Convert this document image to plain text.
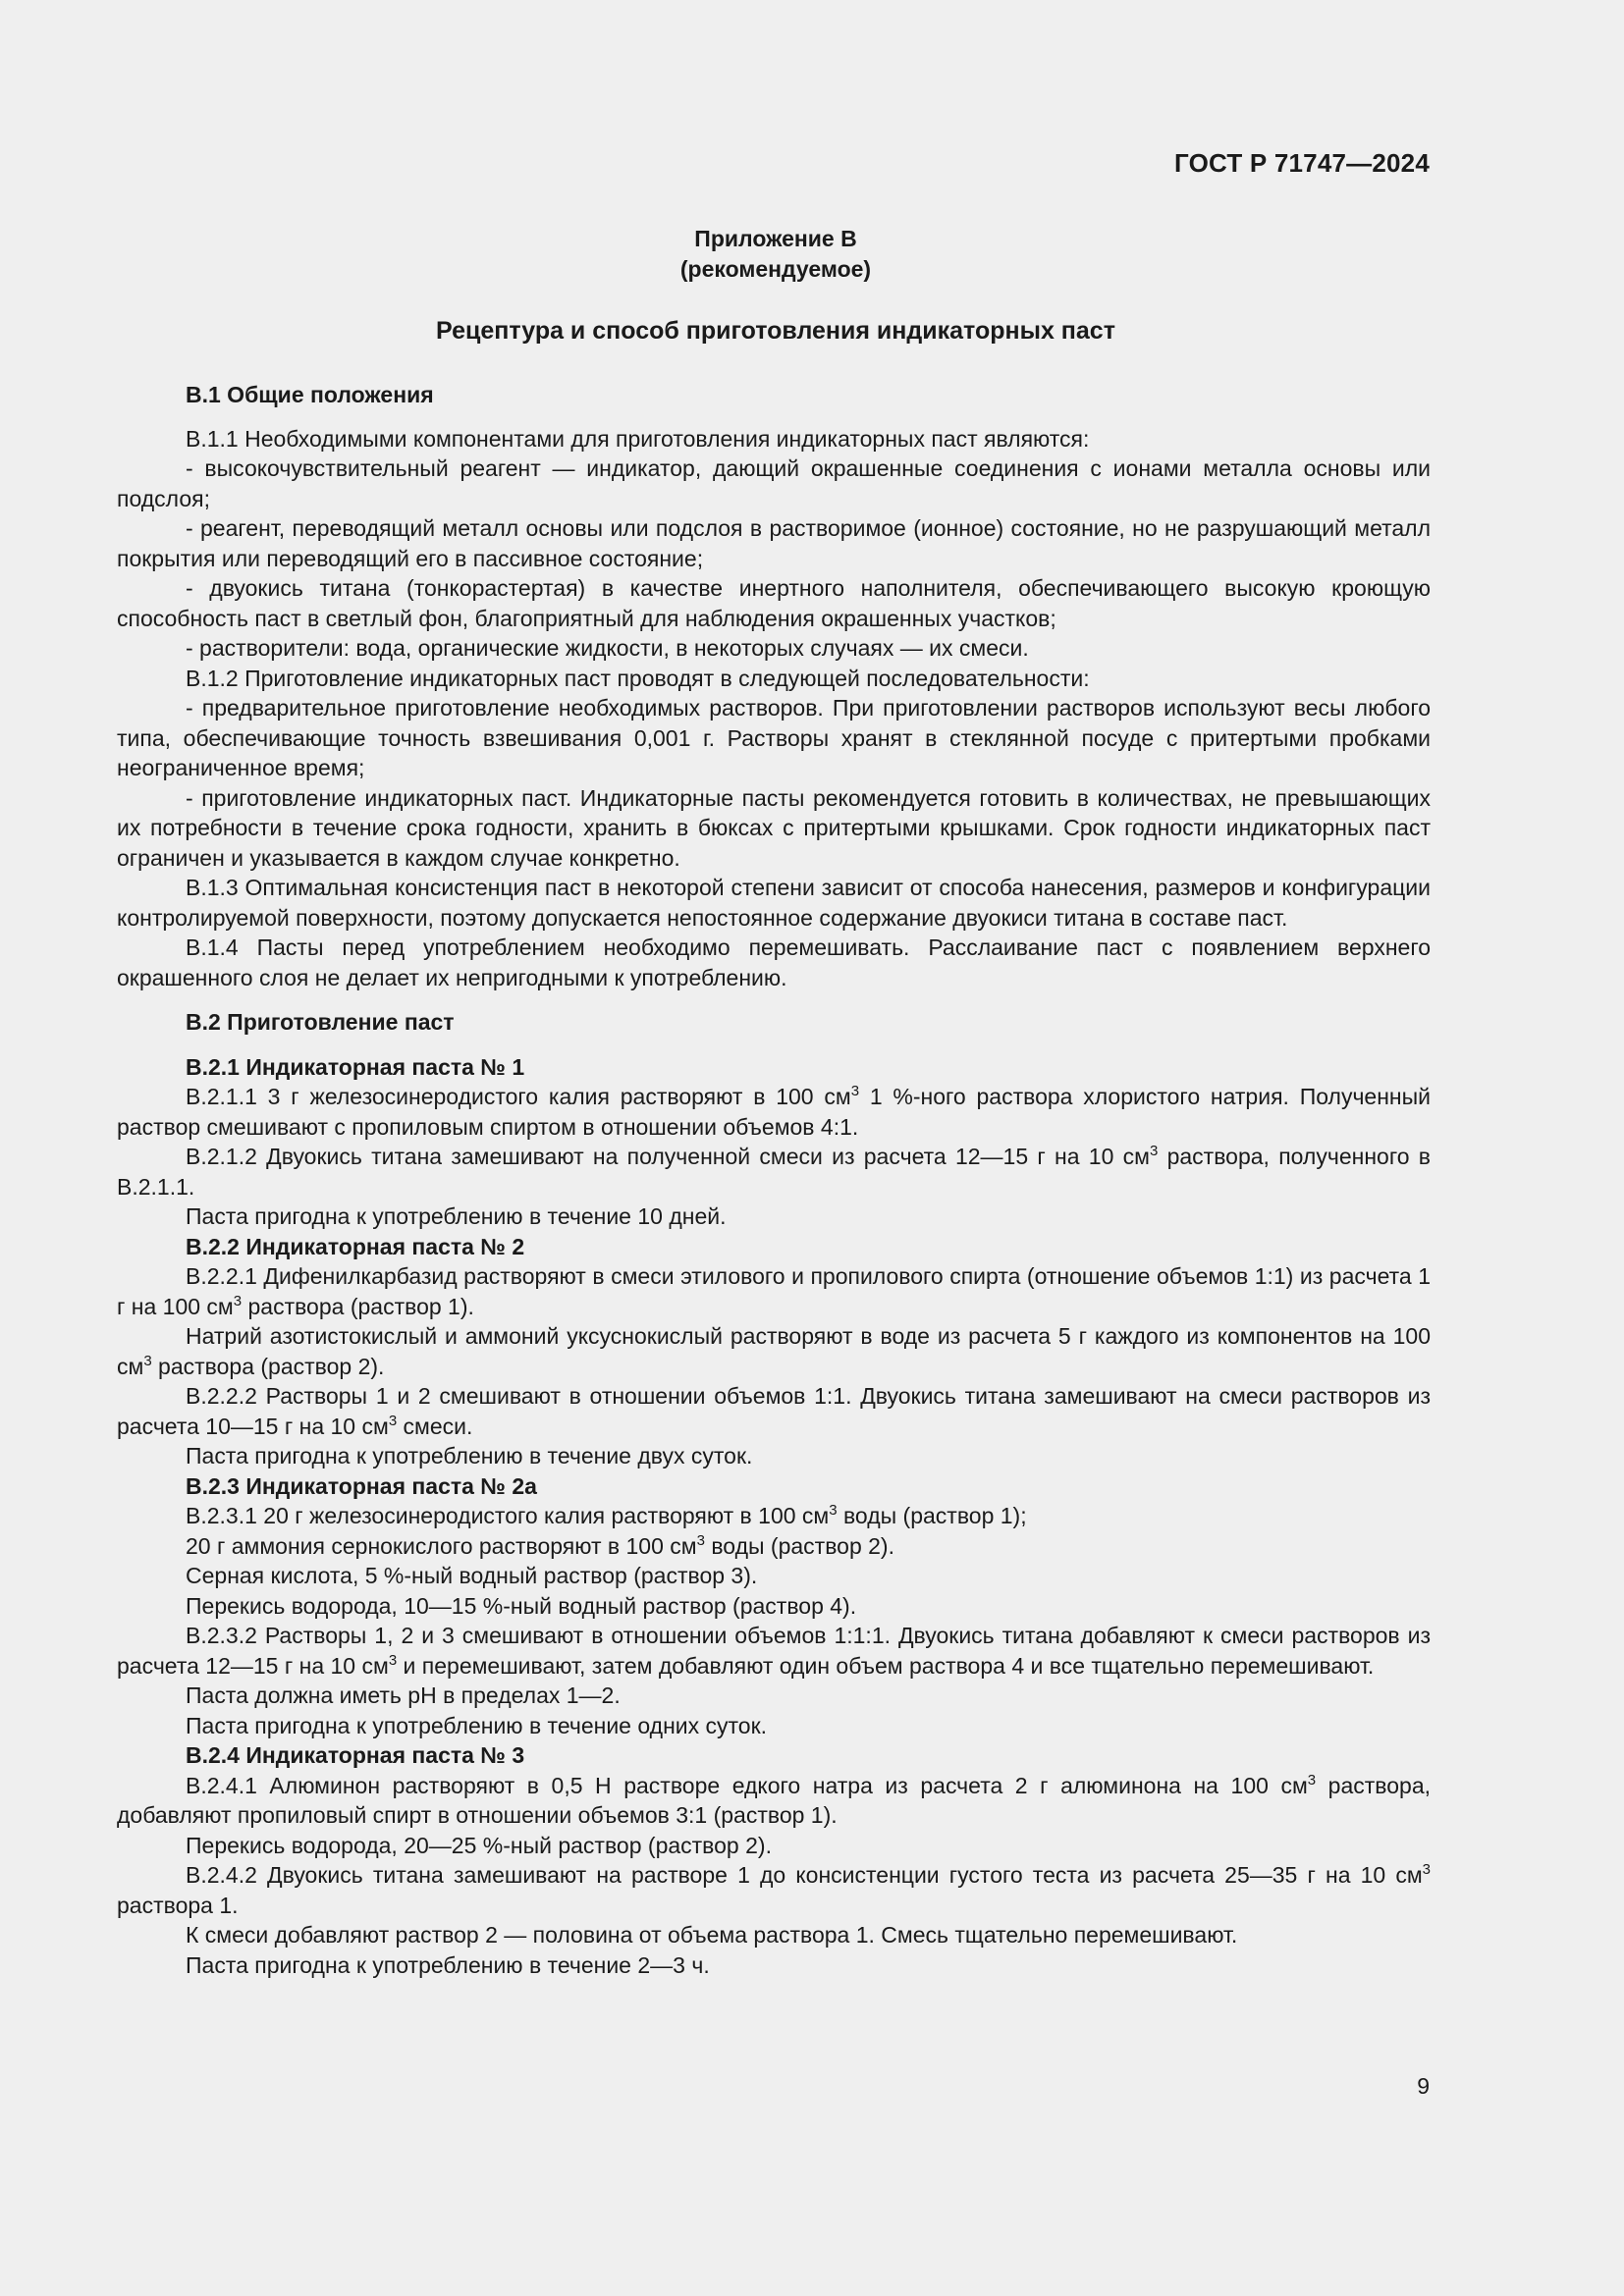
ГОСТ Р 71747—2024
Приложение В
(рекомендуемое)
Рецептура и способ приготовления индикаторных паст

В.1 Общие положения

В.1.1 Необходимыми компонентами для приготовления индикаторных паст являются:

- высокочувствительный реагент — индикатор, дающий окрашенные соединения с ионами металла основы или подслоя;

- реагент, переводящий металл основы или подслоя в растворимое (ионное) состояние, но не разрушающий металл покрытия или переводящий его в пассивное состояние;

- двуокись титана (тонкорастертая) в качестве инертного наполнителя, обеспечивающего высокую кроющую способность паст в светлый фон, благоприятный для наблюдения окрашенных участков;

- растворители: вода, органические жидкости, в некоторых случаях — их смеси.

В.1.2 Приготовление индикаторных паст проводят в следующей последовательности:

- предварительное приготовление необходимых растворов. При приготовлении растворов используют весы любого типа, обеспечивающие точность взвешивания 0,001 г. Растворы хранят в стеклянной посуде с притертыми пробками неограниченное время;

- приготовление индикаторных паст. Индикаторные пасты рекомендуется готовить в количествах, не превышающих их потребности в течение срока годности, хранить в бюксах с притертыми крышками. Срок годности индикаторных паст ограничен и указывается в каждом случае конкретно.

В.1.3 Оптимальная консистенция паст в некоторой степени зависит от способа нанесения, размеров и конфигурации контролируемой поверхности, поэтому допускается непостоянное содержание двуокиси титана в составе паст.

В.1.4 Пасты перед употреблением необходимо перемешивать. Расслаивание паст с появлением верхнего окрашенного слоя не делает их непригодными к употреблению.

В.2 Приготовление паст

В.2.1 Индикаторная паста № 1

В.2.1.1 3 г железосинеродистого калия растворяют в 100 $см^3$ 1 %-ного раствора хлористого натрия. Полученный раствор смешивают с пропиловым спиртом в отношении объемов 4:1.

В.2.1.2 Двуокись титана замешивают на полученной смеси из расчета 12—15 г на 10 $см^3$ раствора, полученного в В.2.1.1.

Паста пригодна к употреблению в течение 10 дней.

В.2.2 Индикаторная паста № 2

В.2.2.1 Дифенилкарбазид растворяют в смеси этилового и пропилового спирта (отношение объемов 1:1) из расчета 1 г на 100 $см^3$ раствора (раствор 1).

Натрий азотистокислый и аммоний уксуснокислый растворяют в воде из расчета 5 г каждого из компонентов на 100 $см^3$ раствора (раствор 2).

В.2.2.2 Растворы 1 и 2 смешивают в отношении объемов 1:1. Двуокись титана замешивают на смеси растворов из расчета 10—15 г на 10 $см^3$ смеси.

Паста пригодна к употреблению в течение двух суток.

В.2.3 Индикаторная паста № 2а

В.2.3.1 20 г железосинеродистого калия растворяют в 100 $см^3$ воды (раствор 1);

20 г аммония сернокислого растворяют в 100 $см^3$ воды (раствор 2).

Серная кислота, 5 %-ный водный раствор (раствор 3).

Перекись водорода, 10—15 %-ный водный раствор (раствор 4).

В.2.3.2 Растворы 1, 2 и 3 смешивают в отношении объемов 1:1:1. Двуокись титана добавляют к смеси растворов из расчета 12—15 г на 10 $см^3$ и перемешивают, затем добавляют один объем раствора 4 и все тщательно перемешивают.

Паста должна иметь pH в пределах 1—2.

Паста пригодна к употреблению в течение одних суток.

В.2.4 Индикаторная паста № 3

В.2.4.1 Алюминон растворяют в 0,5 Н растворе едкого натра из расчета 2 г алюминона на 100 $см^3$ раствора, добавляют пропиловый спирт в отношении объемов 3:1 (раствор 1).

Перекись водорода, 20—25 %-ный раствор (раствор 2).

В.2.4.2 Двуокись титана замешивают на растворе 1 до консистенции густого теста из расчета 25—35 г на 10 $см^3$ раствора 1.

К смеси добавляют раствор 2 — половина от объема раствора 1. Смесь тщательно перемешивают.

Паста пригодна к употреблению в течение 2—3 ч.

9
